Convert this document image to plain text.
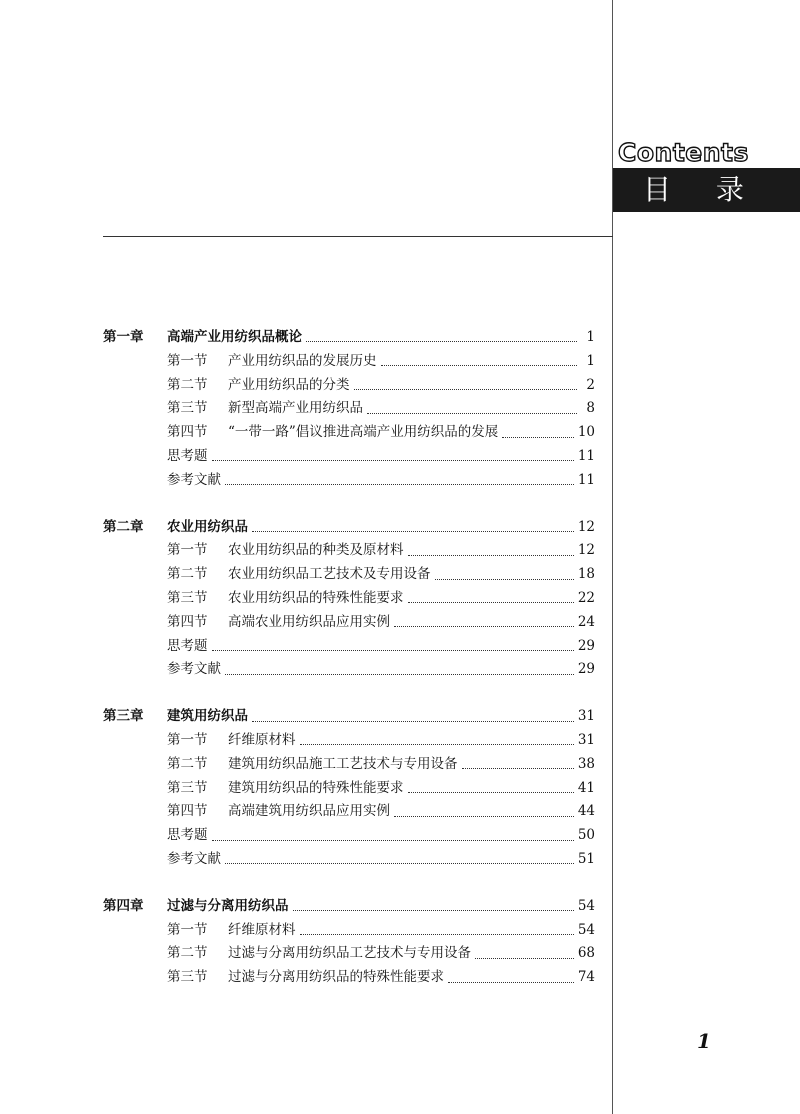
Contents
目 录
第一章	高端产业用纺织品概论	1
第一节	产业用纺织品的发展历史	1
第二节	产业用纺织品的分类	2
第三节	新型高端产业用纺织品	8
第四节	“一带一路”倡议推进高端产业用纺织品的发展	10
思考题	11
参考文献	11
第二章	农业用纺织品	12
第一节	农业用纺织品的种类及原材料	12
第二节	农业用纺织品工艺技术及专用设备	18
第三节	农业用纺织品的特殊性能要求	22
第四节	高端农业用纺织品应用实例	24
思考题	29
参考文献	29
第三章	建筑用纺织品	31
第一节	纤维原材料	31
第二节	建筑用纺织品施工工艺技术与专用设备	38
第三节	建筑用纺织品的特殊性能要求	41
第四节	高端建筑用纺织品应用实例	44
思考题	50
参考文献	51
第四章	过滤与分离用纺织品	54
第一节	纤维原材料	54
第二节	过滤与分离用纺织品工艺技术与专用设备	68
第三节	过滤与分离用纺织品的特殊性能要求	74
1
